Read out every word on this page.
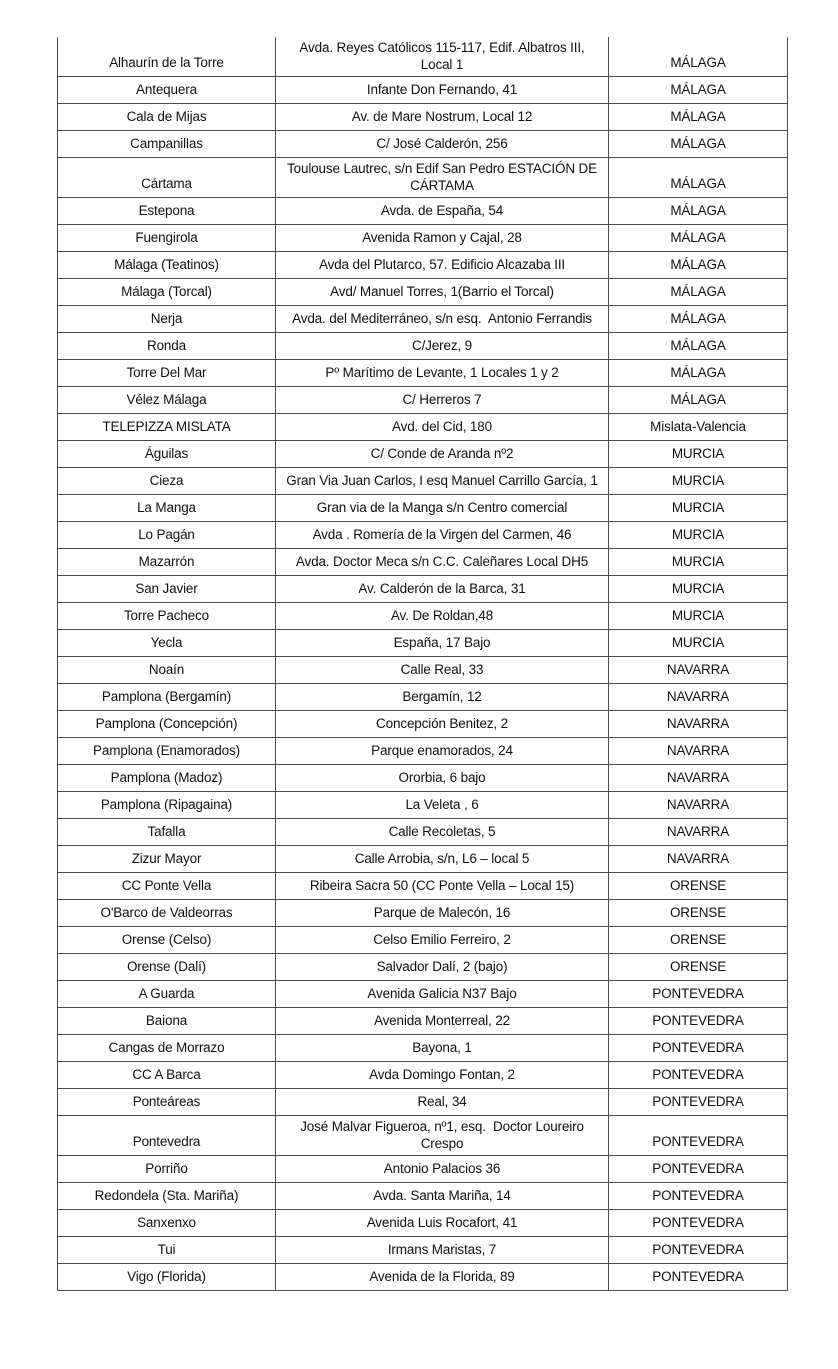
Alhaurín de la Torre	Avda. Reyes Católicos 115-117, Edif. Albatros III, Local 1	MÁLAGA
Antequera	Infante Don Fernando, 41	MÁLAGA
Cala de Mijas	Av. de Mare Nostrum, Local 12	MÁLAGA
Campanillas	C/ José Calderón, 256	MÁLAGA
Cártama	Toulouse Lautrec, s/n Edif San Pedro ESTACIÓN DE CÁRTAMA	MÁLAGA
Estepona	Avda. de España, 54	MÁLAGA
Fuengirola	Avenida Ramon y Cajal, 28	MÁLAGA
Málaga (Teatinos)	Avda del Plutarco, 57. Edificio Alcazaba III	MÁLAGA
Málaga (Torcal)	Avd/ Manuel Torres, 1(Barrio el Torcal)	MÁLAGA
Nerja	Avda. del Mediterráneo, s/n esq.  Antonio Ferrandis	MÁLAGA
Ronda	C/Jerez, 9	MÁLAGA
Torre Del Mar	Pº Marítimo de Levante, 1 Locales 1 y 2	MÁLAGA
Vélez Málaga	C/ Herreros 7	MÁLAGA
TELEPIZZA MISLATA	Avd. del Cid, 180	Mislata-Valencia
Águilas	C/ Conde de Aranda nº2	MURCIA
Cieza	Gran Via Juan Carlos, I esq Manuel Carrillo García, 1	MURCIA
La Manga	Gran via de la Manga s/n Centro comercial	MURCIA
Lo Pagán	Avda . Romería de la Virgen del Carmen, 46	MURCIA
Mazarrón	Avda. Doctor Meca s/n C.C. Caleñares Local DH5	MURCIA
San Javier	Av. Calderón de la Barca, 31	MURCIA
Torre Pacheco	Av. De Roldan,48	MURCIA
Yecla	España, 17 Bajo	MURCIA
Noaín	Calle Real, 33	NAVARRA
Pamplona (Bergamín)	Bergamín, 12	NAVARRA
Pamplona (Concepción)	Concepción Benitez, 2	NAVARRA
Pamplona (Enamorados)	Parque enamorados, 24	NAVARRA
Pamplona (Madoz)	Ororbia, 6 bajo	NAVARRA
Pamplona (Ripagaina)	La Veleta , 6	NAVARRA
Tafalla	Calle Recoletas, 5	NAVARRA
Zizur Mayor	Calle Arrobia, s/n, L6 – local 5	NAVARRA
CC Ponte Vella	Ribeira Sacra 50 (CC Ponte Vella – Local 15)	ORENSE
O'Barco de Valdeorras	Parque de Malecón, 16	ORENSE
Orense (Celso)	Celso Emilio Ferreiro, 2	ORENSE
Orense (Dalí)	Salvador Dalí, 2 (bajo)	ORENSE
A Guarda	Avenida Galicia N37 Bajo	PONTEVEDRA
Baiona	Avenida Monterreal, 22	PONTEVEDRA
Cangas de Morrazo	Bayona, 1	PONTEVEDRA
CC A Barca	Avda Domingo Fontan, 2	PONTEVEDRA
Ponteáreas	Real, 34	PONTEVEDRA
Pontevedra	José Malvar Figueroa, nº1, esq.  Doctor Loureiro Crespo	PONTEVEDRA
Porriño	Antonio Palacios 36	PONTEVEDRA
Redondela (Sta. Mariña)	Avda. Santa Mariña, 14	PONTEVEDRA
Sanxenxo	Avenida Luis Rocafort, 41	PONTEVEDRA
Tui	Irmans Maristas, 7	PONTEVEDRA
Vigo (Florida)	Avenida de la Florida, 89	PONTEVEDRA
